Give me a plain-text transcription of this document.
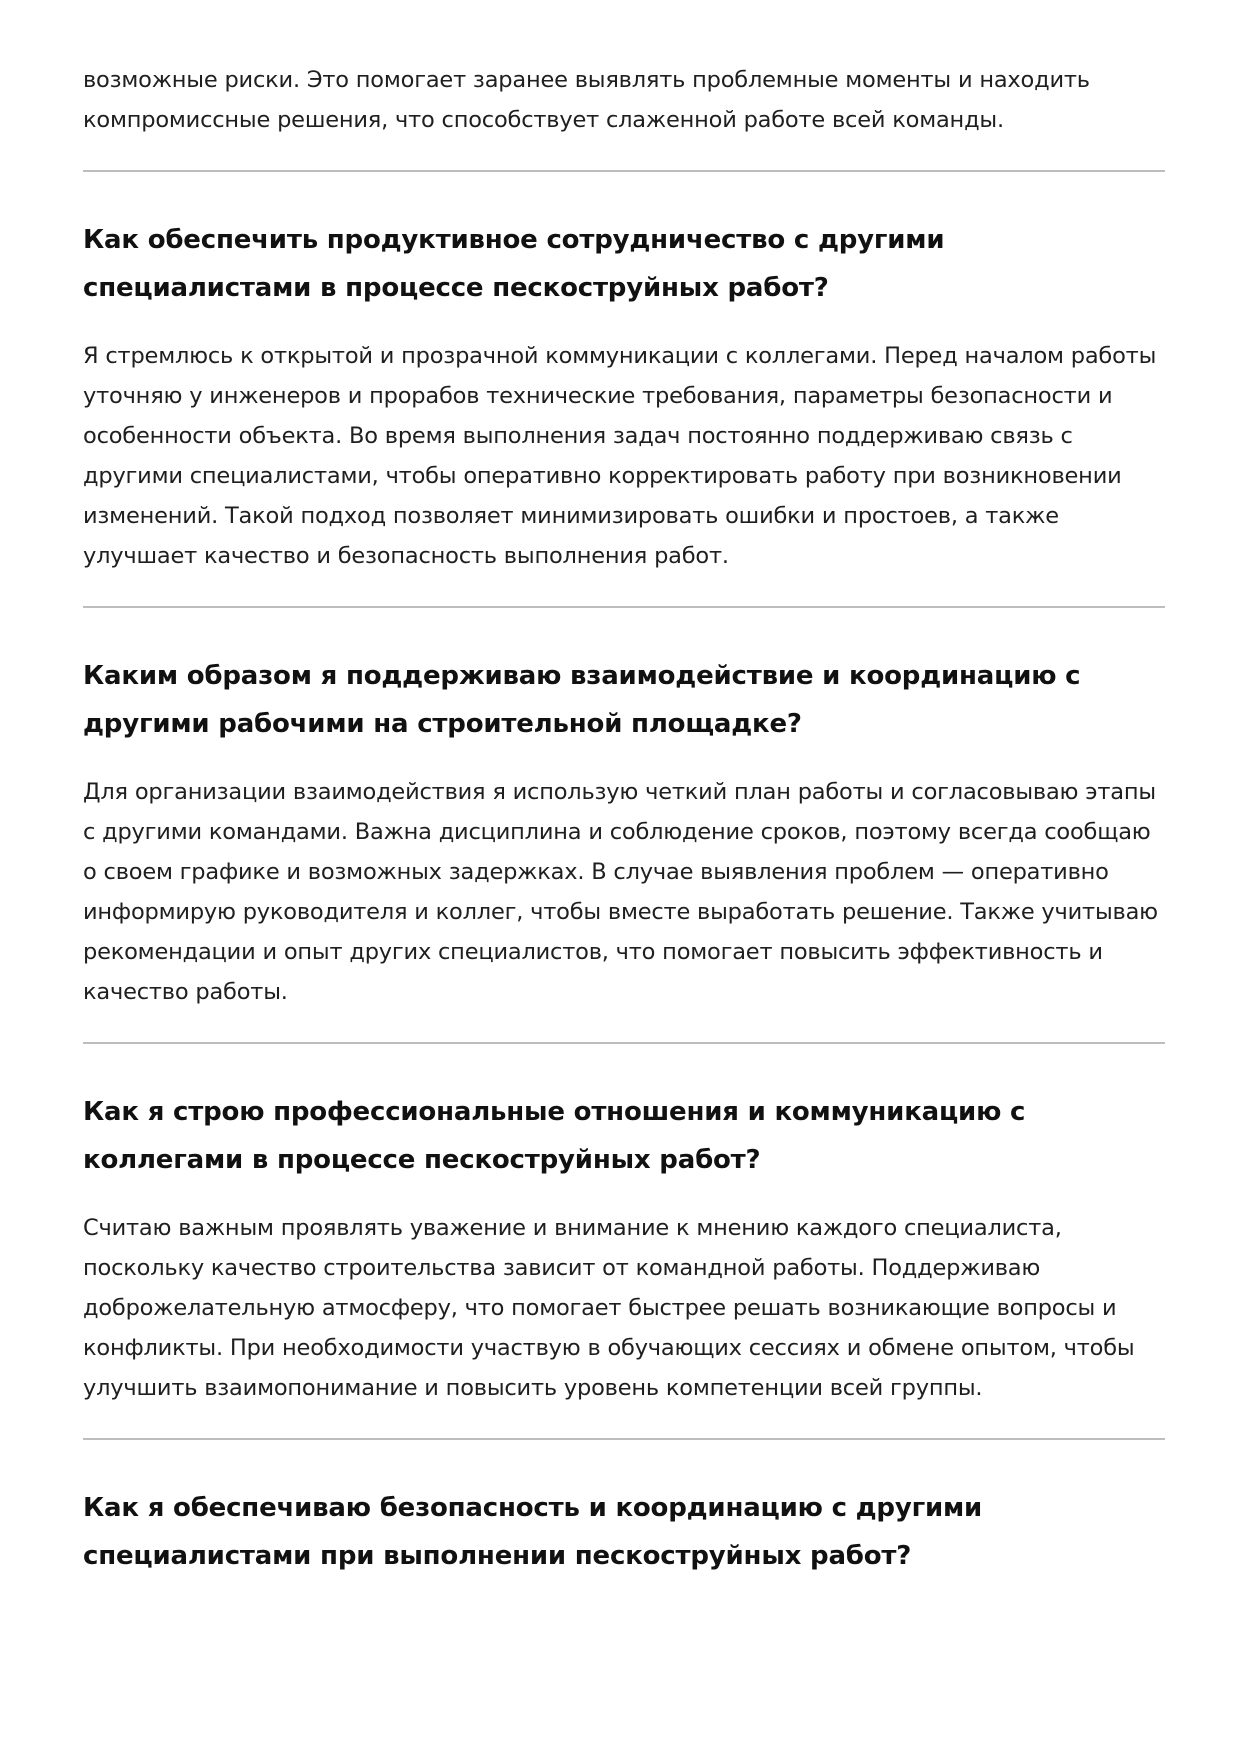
возможные риски. Это помогает заранее выявлять проблемные моменты и находить компромиссные решения, что способствует слаженной работе всей команды.

Как обеспечить продуктивное сотрудничество с другими специалистами в процессе пескоструйных работ?

Я стремлюсь к открытой и прозрачной коммуникации с коллегами. Перед началом работы уточняю у инженеров и прорабов технические требования, параметры безопасности и особенности объекта. Во время выполнения задач постоянно поддерживаю связь с другими специалистами, чтобы оперативно корректировать работу при возникновении изменений. Такой подход позволяет минимизировать ошибки и простоев, а также улучшает качество и безопасность выполнения работ.

Каким образом я поддерживаю взаимодействие и координацию с другими рабочими на строительной площадке?

Для организации взаимодействия я использую четкий план работы и согласовываю этапы с другими командами. Важна дисциплина и соблюдение сроков, поэтому всегда сообщаю о своем графике и возможных задержках. В случае выявления проблем — оперативно информирую руководителя и коллег, чтобы вместе выработать решение. Также учитываю рекомендации и опыт других специалистов, что помогает повысить эффективность и качество работы.

Как я строю профессиональные отношения и коммуникацию с коллегами в процессе пескоструйных работ?

Считаю важным проявлять уважение и внимание к мнению каждого специалиста, поскольку качество строительства зависит от командной работы. Поддерживаю доброжелательную атмосферу, что помогает быстрее решать возникающие вопросы и конфликты. При необходимости участвую в обучающих сессиях и обмене опытом, чтобы улучшить взаимопонимание и повысить уровень компетенции всей группы.

Как я обеспечиваю безопасность и координацию с другими специалистами при выполнении пескоструйных работ?
